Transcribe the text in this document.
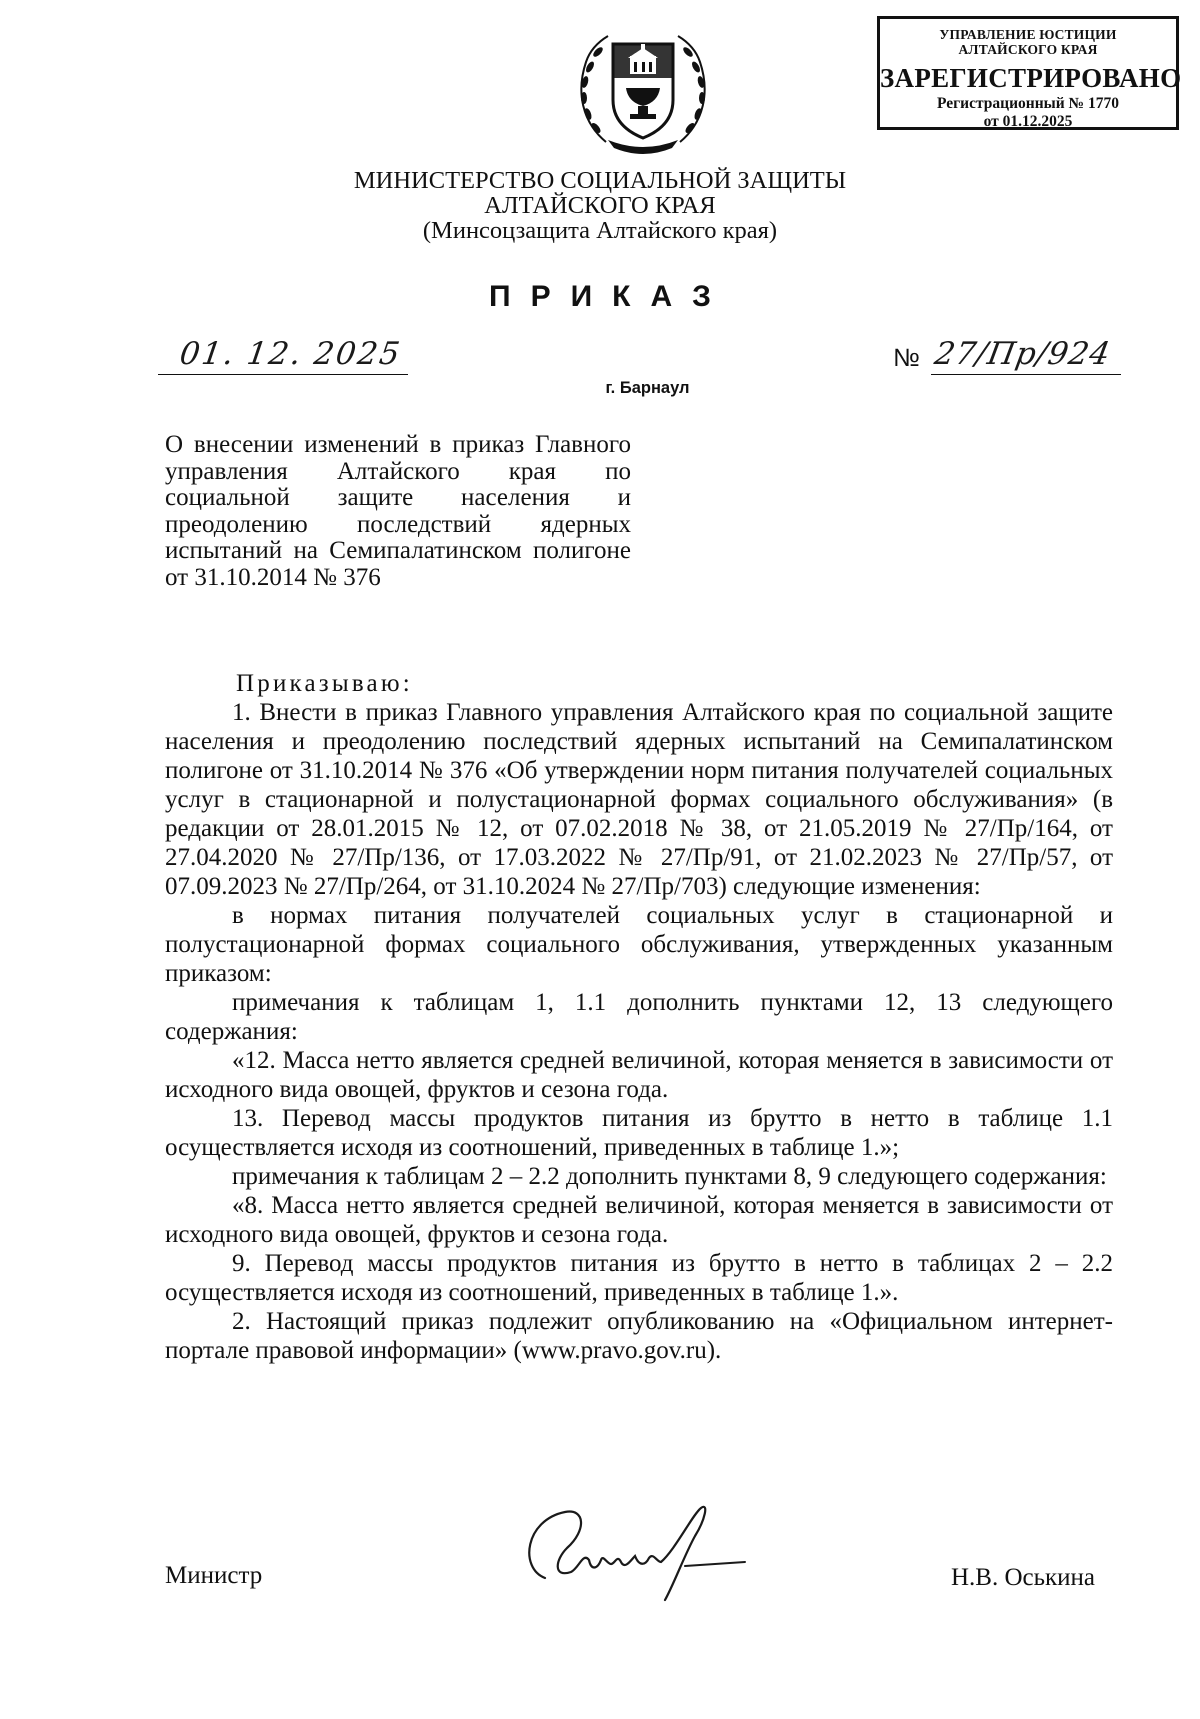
УПРАВЛЕНИЕ ЮСТИЦИИ
АЛТАЙСКОГО КРАЯ
ЗАРЕГИСТРИРОВАНО
Регистрационный № 1770
от 01.12.2025
МИНИСТЕРСТВО СОЦИАЛЬНОЙ ЗАЩИТЫ
АЛТАЙСКОГО КРАЯ
(Минсоцзащита Алтайского края)
ПРИКАЗ
01. 12. 2025	№ 27/Пр/924
г. Барнаул
О внесении изменений в приказ Главного управления Алтайского края по социальной защите населения и преодолению последствий ядерных испытаний на Семипалатинском полигоне от 31.10.2014 № 376

Приказываю:

1. Внести в приказ Главного управления Алтайского края по социальной защите населения и преодолению последствий ядерных испытаний на Семипалатинском полигоне от 31.10.2014 № 376 «Об утверждении норм питания получателей социальных услуг в стационарной и полустационарной формах социального обслуживания» (в редакции от 28.01.2015 № 12, от 07.02.2018 № 38, от 21.05.2019 № 27/Пр/164, от 27.04.2020 № 27/Пр/136, от 17.03.2022 № 27/Пр/91, от 21.02.2023 № 27/Пр/57, от 07.09.2023 № 27/Пр/264, от 31.10.2024 № 27/Пр/703) следующие изменения:

в нормах питания получателей социальных услуг в стационарной и полустационарной формах социального обслуживания, утвержденных указанным приказом:

примечания к таблицам 1, 1.1 дополнить пунктами 12, 13 следующего содержания:

«12. Масса нетто является средней величиной, которая меняется в зависимости от исходного вида овощей, фруктов и сезона года.

13. Перевод массы продуктов питания из брутто в нетто в таблице 1.1 осуществляется исходя из соотношений, приведенных в таблице 1.»;

примечания к таблицам 2 – 2.2 дополнить пунктами 8, 9 следующего содержания:

«8. Масса нетто является средней величиной, которая меняется в зависимости от исходного вида овощей, фруктов и сезона года.

9. Перевод массы продуктов питания из брутто в нетто в таблицах 2 – 2.2 осуществляется исходя из соотношений, приведенных в таблице 1.».

2. Настоящий приказ подлежит опубликованию на «Официальном интернет-портале правовой информации» (www.pravo.gov.ru).

Министр	Н.В. Оськина
